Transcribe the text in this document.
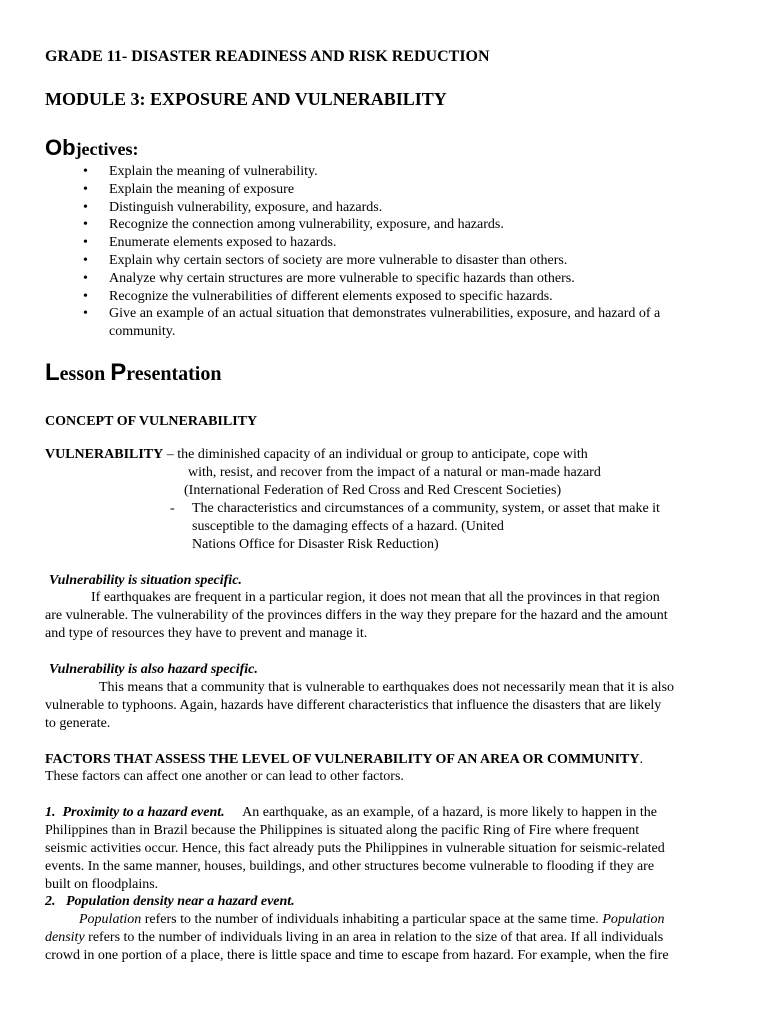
GRADE 11- DISASTER READINESS AND RISK REDUCTION
MODULE 3: EXPOSURE AND VULNERABILITY
Objectives:
• Explain the meaning of vulnerability.
• Explain the meaning of exposure
• Distinguish vulnerability, exposure, and hazards.
• Recognize the connection among vulnerability, exposure, and hazards.
• Enumerate elements exposed to hazards.
• Explain why certain sectors of society are more vulnerable to disaster than others.
• Analyze why certain structures are more vulnerable to specific hazards than others.
• Recognize the vulnerabilities of different elements exposed to specific hazards.
• Give an example of an actual situation that demonstrates vulnerabilities, exposure, and hazard of a community.
Lesson Presentation
CONCEPT OF VULNERABILITY
VULNERABILITY – the diminished capacity of an individual or group to anticipate, cope with
with, resist, and recover from the impact of a natural or man-made hazard
(International Federation of Red Cross and Red Crescent Societies)
- The characteristics and circumstances of a community, system, or asset that make it
susceptible to the damaging effects of a hazard. (United
Nations Office for Disaster Risk Reduction)
Vulnerability is situation specific.
If earthquakes are frequent in a particular region, it does not mean that all the provinces in that region
are vulnerable. The vulnerability of the provinces differs in the way they prepare for the hazard and the amount
and type of resources they have to prevent and manage it.
Vulnerability is also hazard specific.
This means that a community that is vulnerable to earthquakes does not necessarily mean that it is also
vulnerable to typhoons. Again, hazards have different characteristics that influence the disasters that are likely
to generate.
FACTORS THAT ASSESS THE LEVEL OF VULNERABILITY OF AN AREA OR COMMUNITY.
These factors can affect one another or can lead to other factors.
1. Proximity to a hazard event. An earthquake, as an example, of a hazard, is more likely to happen in the
Philippines than in Brazil because the Philippines is situated along the pacific Ring of Fire where frequent
seismic activities occur. Hence, this fact already puts the Philippines in vulnerable situation for seismic-related
events. In the same manner, houses, buildings, and other structures become vulnerable to flooding if they are
built on floodplains.
2. Population density near a hazard event.
Population refers to the number of individuals inhabiting a particular space at the same time. Population
density refers to the number of individuals living in an area in relation to the size of that area. If all individuals
crowd in one portion of a place, there is little space and time to escape from hazard. For example, when the fire
